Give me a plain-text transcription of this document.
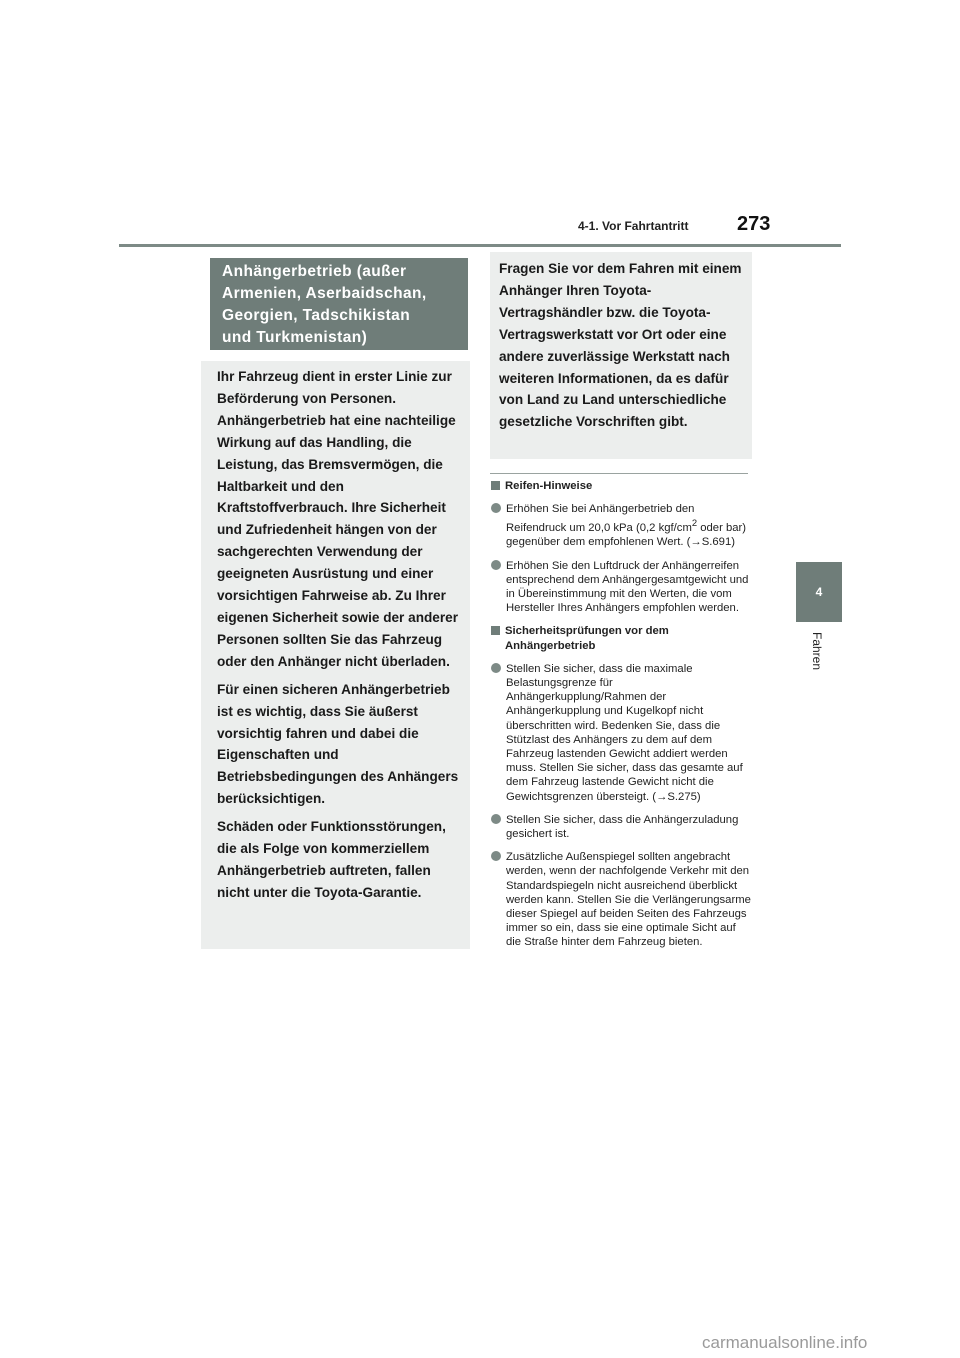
4-1. Vor Fahrtantritt 273
4
Fahren
Anhängerbetrieb (außer
Armenien, Aserbaidschan,
Georgien, Tadschikistan
und Turkmenistan)

Ihr Fahrzeug dient in erster Linie zur Beförderung von Personen. Anhängerbetrieb hat eine nachteilige Wirkung auf das Handling, die Leistung, das Bremsvermögen, die Haltbarkeit und den Kraftstoffverbrauch. Ihre Sicherheit und Zufriedenheit hängen von der sachgerechten Verwendung der geeigneten Ausrüstung und einer vorsichtigen Fahrweise ab. Zu Ihrer eigenen Sicherheit sowie der anderer Personen sollten Sie das Fahrzeug oder den Anhänger nicht überladen.

Für einen sicheren Anhängerbetrieb ist es wichtig, dass Sie äußerst vorsichtig fahren und dabei die Eigenschaften und Betriebsbedingungen des Anhängers berücksichtigen.

Schäden oder Funktionsstörungen, die als Folge von kommerziellem Anhängerbetrieb auftreten, fallen nicht unter die Toyota-Garantie.

Fragen Sie vor dem Fahren mit einem Anhänger Ihren Toyota-Vertragshändler bzw. die Toyota-Vertragswerkstatt vor Ort oder eine andere zuverlässige Werkstatt nach weiteren Informationen, da es dafür von Land zu Land unterschiedliche gesetzliche Vorschriften gibt.
Reifen-Hinweise
Erhöhen Sie bei Anhängerbetrieb den Reifendruck um 20,0 kPa (0,2 kgf/$cm^2$ oder bar) gegenüber dem empfohlenen Wert. (→S.691)
Erhöhen Sie den Luftdruck der Anhängerreifen entsprechend dem Anhängergesamtgewicht und in Übereinstimmung mit den Werten, die vom Hersteller Ihres Anhängers empfohlen werden.
Sicherheitsprüfungen vor dem Anhängerbetrieb
Stellen Sie sicher, dass die maximale Belastungsgrenze für Anhängerkupplung/Rahmen der Anhängerkupplung und Kugelkopf nicht überschritten wird. Bedenken Sie, dass die Stützlast des Anhängers zu dem auf dem Fahrzeug lastenden Gewicht addiert werden muss. Stellen Sie sicher, dass das gesamte auf dem Fahrzeug lastende Gewicht nicht die Gewichtsgrenzen übersteigt. (→S.275)
Stellen Sie sicher, dass die Anhängerzuladung gesichert ist.
Zusätzliche Außenspiegel sollten angebracht werden, wenn der nachfolgende Verkehr mit den Standardspiegeln nicht ausreichend überblickt werden kann. Stellen Sie die Verlängerungsarme dieser Spiegel auf beiden Seiten des Fahrzeugs immer so ein, dass sie eine optimale Sicht auf die Straße hinter dem Fahrzeug bieten.
carmanualsonline.info
